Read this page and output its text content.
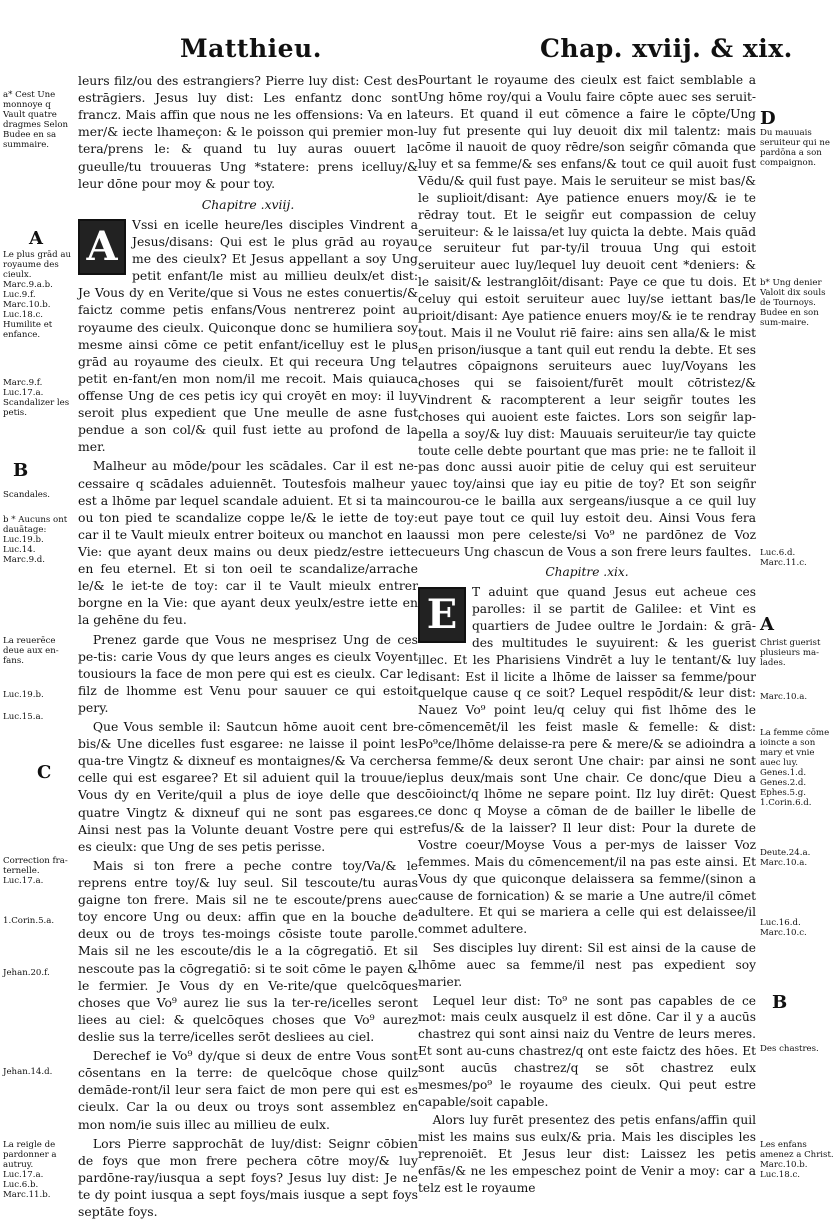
Matthieu.	Chap. xviij. & xix.
a* Cest Une monnoye q Vault quatre dragmes Selon Budee en sa summaire.
A
Le plus grād au royaume des cieulx. Marc.9.a.b. Luc.9.f. Marc.10.b. Luc.18.c. Humilite et enfance.
Marc.9.f. Luc.17.a. Scandalizer les petis.
B
Scandales.
b * Aucuns ont dauātage: Luc.19.b. Luc.14. Marc.9.d.
La reuerēce deue aux en-fans.
Luc.19.b.
Luc.15.a.
C
Correction fra-ternelle. Luc.17.a.
1.Corin.5.a.
Jehan.20.f.
Jehan.14.d.
La reigle de pardonner a autruy. Luc.17.a. Luc.6.b. Marc.11.b.

leurs filz/ou des estrangiers? Pierre luy dist: Cest des estrāgiers. Jesus luy dist: Les enfantz donc sont francz. Mais affin que nous ne les offensions: Va en la mer/& iecte lhameçon: & le poisson qui premier mon-tera/prens le: & quand tu luy auras ouuert la gueulle/tu trouueras Ung *statere: prens icelluy/& leur dōne pour moy & pour toy.

Chapitre .xviij.

A	Vssi en icelle heure/les disciples Vindrent a Jesus/disans: Qui est le plus grād au royau me des cieulx? Et Jesus appellant a soy Ung petit enfant/le mist au millieu deulx/et dist: Je Vous dy en Verite/que si Vous ne estes conuertis/& faictz comme petis enfans/Vous nentrerez point au royaume des cieulx. Quiconque donc se humiliera soy mesme ainsi cōme ce petit enfant/icelluy est le plus grād au royaume des cieulx. Et qui receura Ung tel petit en-fant/en mon nom/il me recoit. Mais quiauca offense Ung de ces petis icy qui croyēt en moy: il luy seroit plus expedient que Une meulle de asne fust pendue a son col/& quil fust iette au profond de la mer.

Malheur au mōde/pour les scādales. Car il est ne-cessaire q scādales aduiennēt. Toutesfois malheur y est a lhōme par lequel scandale aduient. Et si ta main ou ton pied te scandalize coppe le/& le iette de toy: car il te Vault mieulx entrer boiteux ou manchot en la Vie: que ayant deux mains ou deux piedz/estre iette en feu eternel. Et si ton oeil te scandalize/arrache le/& le iet-te de toy: car il te Vault mieulx entrer borgne en la Vie: que ayant deux yeulx/estre iette en la gehēne du feu.

Prenez garde que Vous ne mesprisez Ung de ces pe-tis: carie Vous dy que leurs anges es cieulx Voyent tousiours la face de mon pere qui est es cieulx. Car le filz de lhomme est Venu pour sauuer ce qui estoit pery.

Que Vous semble il: Sautcun hōme auoit cent bre-bis/& Une dicelles fust esgaree: ne laisse il point les qua-tre Vingtz & dixneuf es montaignes/& Va cercher celle qui est esgaree? Et sil aduient quil la trouue/ie Vous dy en Verite/quil a plus de ioye delle que des quatre Vingtz & dixneuf qui ne sont pas esgarees. Ainsi nest pas la Volunte deuant Vostre pere qui est es cieulx: que Ung de ses petis perisse.

Mais si ton frere a peche contre toy/Va/& le reprens entre toy/& luy seul. Sil tescoute/tu auras gaigne ton frere. Mais sil ne te escoute/prens auec toy encore Ung ou deux: affin que en la bouche de deux ou de troys tes-moings cōsiste toute parolle. Mais sil ne les escoute/dis le a la cōgregatiō. Et sil nescoute pas la cōgregatiō: si te soit cōme le payen & le fermier. Je Vous dy en Ve-rite/que quelcōques choses que Vo⁹ aurez lie sus la ter-re/icelles seront liees au ciel: & quelcōques choses que Vo⁹ aurez deslie sus la terre/icelles serōt desliees au ciel.

Derechef ie Vo⁹ dy/que si deux de entre Vous sont cōsentans en la terre: de quelcōque chose quilz demāde-ront/il leur sera faict de mon pere qui est es cieulx. Car la ou deux ou troys sont assemblez en mon nom/ie suis illec au millieu de eulx.

Lors Pierre sapprochāt de luy/dist: Seignr cōbien de foys que mon frere pechera cōtre moy/& luy pardōne-ray/iusqua a sept foys? Jesus luy dist: Je ne te dy point iusqua a sept foys/mais iusque a sept foys septāte foys.

Pourtant le royaume des cieulx est faict semblable a Ung hōme roy/qui a Voulu faire cōpte auec ses seruit-teurs. Et quand il eut cōmence a faire le cōpte/Ung luy fut presente qui luy deuoit dix mil talentz: mais cōme il nauoit de quoy rēdre/son seigñr cōmanda que luy et sa femme/& ses enfans/& tout ce quil auoit fust Vēdu/& quil fust paye. Mais le seruiteur se mist bas/& le suplioit/disant: Aye patience enuers moy/& ie te rēdray tout. Et le seigñr eut compassion de celuy seruiteur: & le laissa/et luy quicta la debte. Mais quād ce seruiteur fut par-ty/il trouua Ung qui estoit seruiteur auec luy/lequel luy deuoit cent *deniers: & le saisit/& lestranglōit/disant: Paye ce que tu dois. Et celuy qui estoit seruiteur auec luy/se iettant bas/le prioit/disant: Aye patience enuers moy/& ie te rendray tout. Mais il ne Voulut riē faire: ains sen alla/& le mist en prison/iusque a tant quil eut rendu la debte. Et ses autres cōpaignons seruiteurs auec luy/Voyans les choses qui se faisoient/furēt moult cōtristez/& Vindrent & racompterent a leur seigñr toutes les choses qui auoient este faictes. Lors son seigñr lap-pella a soy/& luy dist: Mauuais seruiteur/ie tay quicte toute celle debte pourtant que mas prie: ne te falloit il pas donc aussi auoir pitie de celuy qui est seruiteur auec toy/ainsi que iay eu pitie de toy? Et son seigñr courou-ce le bailla aux sergeans/iusque a ce quil luy eut paye tout ce quil luy estoit deu. Ainsi Vous fera aussi mon pere celeste/si Vo⁹ ne pardōnez de Voz cueurs Ung chascun de Vous a son frere leurs faultes.

Chapitre .xix.

E	T aduint que quand Jesus eut acheue ces parolles: il se partit de Galilee: et Vint es quartiers de Judee oultre le Jordain: & grā-des multitudes le suyuirent: & les guerist illec. Et les Pharisiens Vindrēt a luy le tentant/& luy disant: Est il licite a lhōme de laisser sa femme/pour quelque cause q ce soit? Lequel respōdit/& leur dist: Nauez Vo⁹ point leu/q celuy qui fist lhōme des le cōmencemēt/il les feist masle & femelle: & dist: Po⁹ce/lhōme delaisse-ra pere & mere/& se adioindra a sa femme/& deux seront Une chair: par ainsi ne sont plus deux/mais sont Une chair. Ce donc/que Dieu a cōioinct/q lhōme ne separe point. Ilz luy dirēt: Quest ce donc q Moyse a cōman de de bailler le libelle de refus/& de la laisser? Il leur dist: Pour la durete de Vostre coeur/Moyse Vous a per-mys de laisser Voz femmes. Mais du cōmencement/il na pas este ainsi. Et Vous dy que quiconque delaissera sa femme/(sinon a cause de fornication) & se marie a Une autre/il cōmet adultere. Et qui se mariera a celle qui est delaissee/il commet adultere.

Ses disciples luy dirent: Sil est ainsi de la cause de lhōme auec sa femme/il nest pas expedient soy marier.

Lequel leur dist: To⁹ ne sont pas capables de ce mot: mais ceulx ausquelz il est dōne. Car il y a aucūs chastrez qui sont ainsi naiz du Ventre de leurs meres. Et sont au-cuns chastrez/q ont este faictz des hōes. Et sont aucūs chastrez/q se sōt chastrez eulx mesmes/po⁹ le royaume des cieulx. Qui peut estre capable/soit capable.

Alors luy furēt presentez des petis enfans/affin quil mist les mains sus eulx/& pria. Mais les disciples les reprenoiēt. Et Jesus leur dist: Laissez les petis enfās/& ne les empeschez point de Venir a moy: car a telz est le royaume

D
Du mauuais seruiteur qui ne pardōna a son compaignon.
b* Ung denier Valoit dix souls de Tournoys. Budee en son sum-maire.
Luc.6.d. Marc.11.c.
A
Christ guerist plusieurs ma-lades.
Marc.10.a.
La femme cōme ioincte a son mary et vnie auec luy. Genes.1.d. Genes.2.d. Ephes.5.g. 1.Corin.6.d.
Deute.24.a. Marc.10.a.
Luc.16.d. Marc.10.c.
B
Des chastres.
Les enfans amenez a Christ. Marc.10.b. Luc.18.c.
